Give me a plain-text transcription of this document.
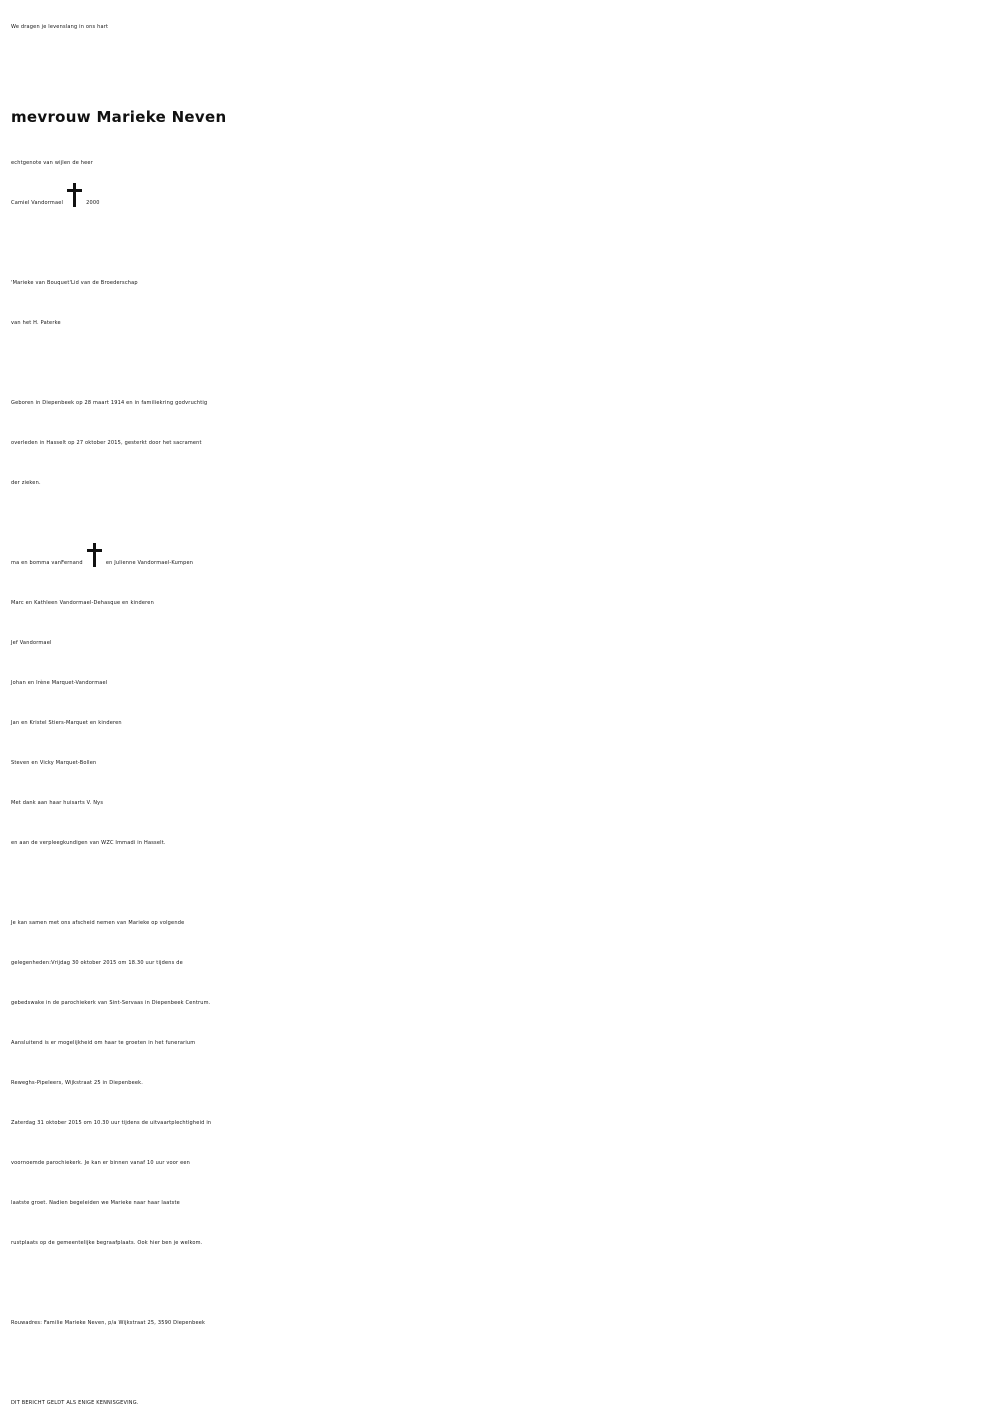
We dragen je levenslang in ons hart
mevrouw Marieke Neven
echtgenote van wijlen de heer
Camiel Vandormael	2000
'Marieke van Bouquet'Lid van de Broederschap
van het H. Paterke
Geboren in Diepenbeek op 28 maart 1914 en in familiekring godvruchtig
overleden in Hasselt op 27 oktober 2015, gesterkt door het sacrament
der zieken.
ma en bomma vanFernand	en Julienne Vandormael-Kumpen
Marc en Kathleen Vandormael-Dehasque en kinderen
Jef Vandormael
Johan en Irène Marquet-Vandormael
Jan en Kristel Stiers-Marquet en kinderen
Steven en Vicky Marquet-Bollen
Met dank aan haar huisarts V. Nys
en aan de verpleegkundigen van WZC Immadi in Hasselt.
Je kan samen met ons afscheid nemen van Marieke op volgende
gelegenheden:Vrijdag 30 oktober 2015 om 18.30 uur tijdens de
gebedswake in de parochiekerk van Sint-Servaas in Diepenbeek Centrum.
Aansluitend is er mogelijkheid om haar te groeten in het funerarium
Reweghs-Pipeleers, Wijkstraat 25 in Diepenbeek.
Zaterdag 31 oktober 2015 om 10.30 uur tijdens de uitvaartplechtigheid in
voornoemde parochiekerk. Je kan er binnen vanaf 10 uur voor een
laatste groet. Nadien begeleiden we Marieke naar haar laatste
rustplaats op de gemeentelijke begraafplaats. Ook hier ben je welkom.
Rouwadres: Familie Marieke Neven, p/a Wijkstraat 25, 3590 Diepenbeek
DIT BERICHT GELDT ALS ENIGE KENNISGEVING.
